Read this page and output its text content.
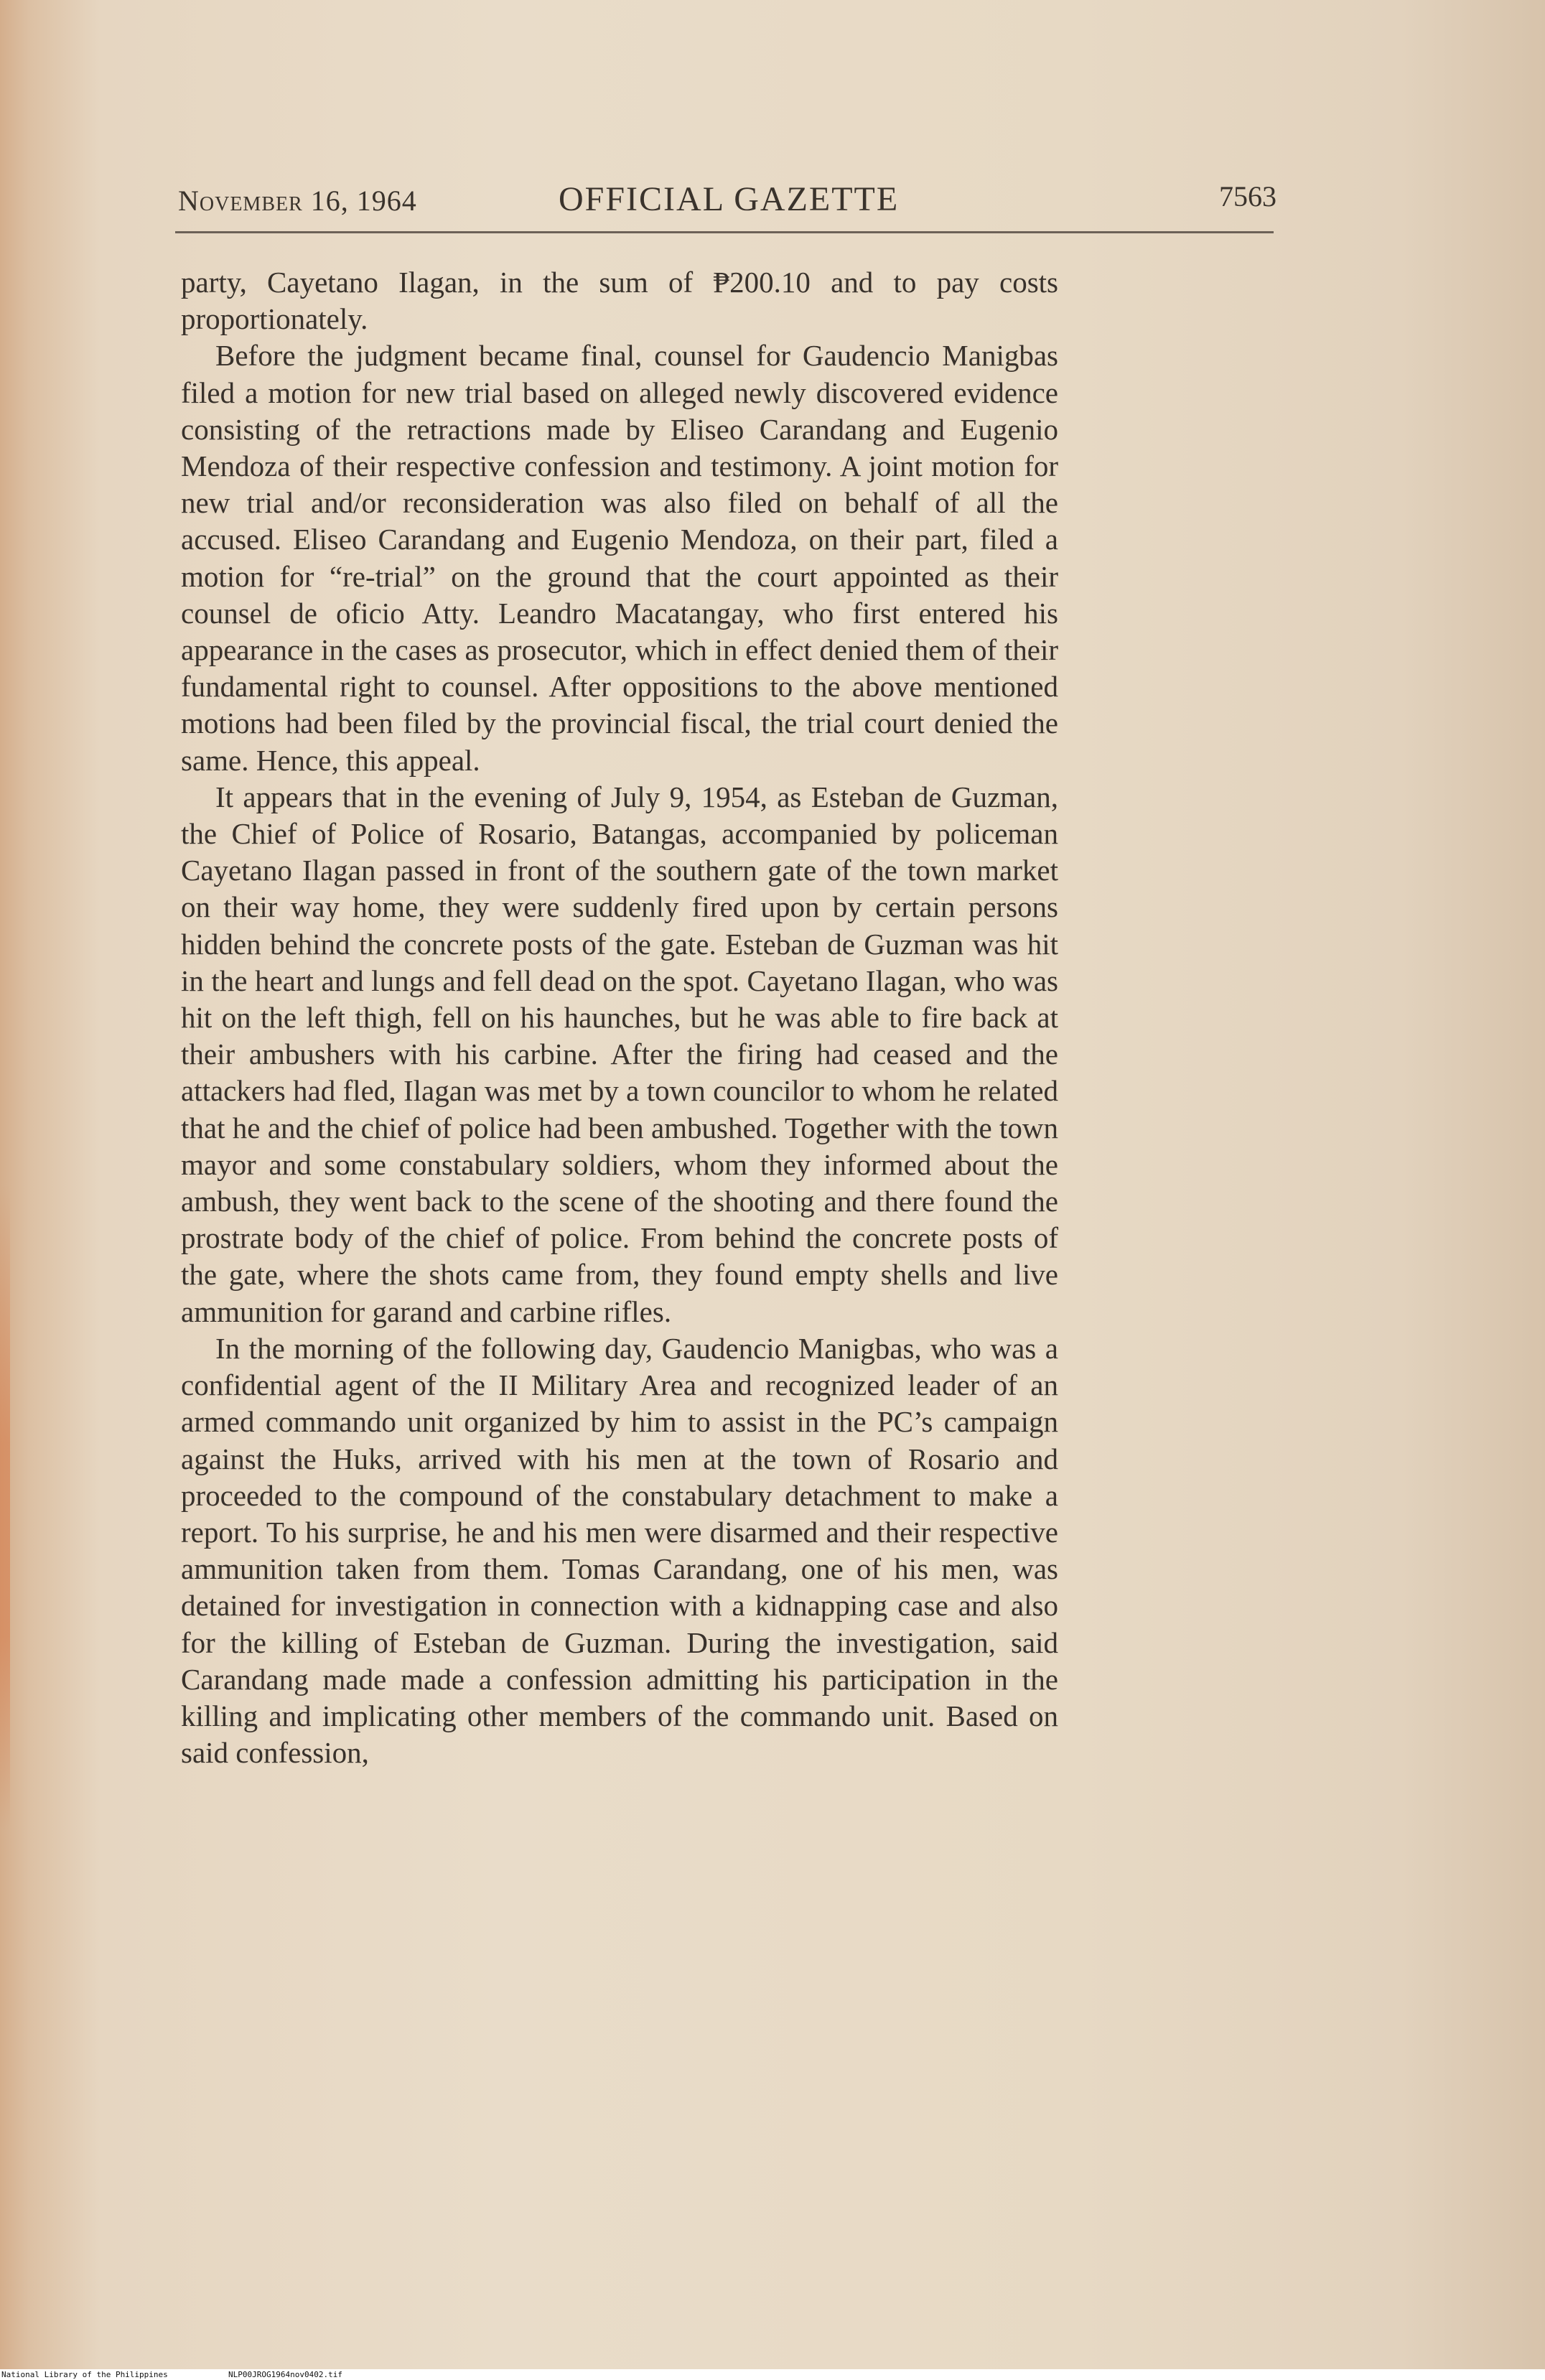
November 16, 1964	OFFICIAL GAZETTE	7563

party, Cayetano Ilagan, in the sum of ₱200.10 and to pay costs proportionately.

Before the judgment became final, counsel for Gaudencio Manigbas filed a motion for new trial based on alleged newly discovered evidence consisting of the retractions made by Eliseo Carandang and Eugenio Mendoza of their respective confession and testimony. A joint motion for new trial and/or reconsideration was also filed on behalf of all the accused. Eliseo Carandang and Eugenio Mendoza, on their part, filed a motion for “re-trial” on the ground that the court appointed as their counsel de oficio Atty. Leandro Macatangay, who first entered his appearance in the cases as prosecutor, which in effect denied them of their fundamental right to counsel. After oppositions to the above mentioned motions had been filed by the provincial fiscal, the trial court denied the same. Hence, this appeal.

It appears that in the evening of July 9, 1954, as Esteban de Guzman, the Chief of Police of Rosario, Batangas, accompanied by policeman Cayetano Ilagan passed in front of the southern gate of the town market on their way home, they were suddenly fired upon by certain persons hidden behind the concrete posts of the gate. Esteban de Guzman was hit in the heart and lungs and fell dead on the spot. Cayetano Ilagan, who was hit on the left thigh, fell on his haunches, but he was able to fire back at their ambushers with his carbine. After the firing had ceased and the attackers had fled, Ilagan was met by a town councilor to whom he related that he and the chief of police had been ambushed. Together with the town mayor and some constabulary soldiers, whom they informed about the ambush, they went back to the scene of the shooting and there found the prostrate body of the chief of police. From behind the concrete posts of the gate, where the shots came from, they found empty shells and live ammunition for garand and carbine rifles.

In the morning of the following day, Gaudencio Manigbas, who was a confidential agent of the II Military Area and recognized leader of an armed commando unit organized by him to assist in the PC’s campaign against the Huks, arrived with his men at the town of Rosario and proceeded to the compound of the constabulary detachment to make a report. To his surprise, he and his men were disarmed and their respective ammunition taken from them. Tomas Carandang, one of his men, was detained for investigation in connection with a kidnapping case and also for the killing of Esteban de Guzman. During the investigation, said Carandang made made a confession admitting his participation in the killing and implicating other members of the commando unit. Based on said confession,

National Library of the Philippines	NLP00JROG1964nov0402.tif
